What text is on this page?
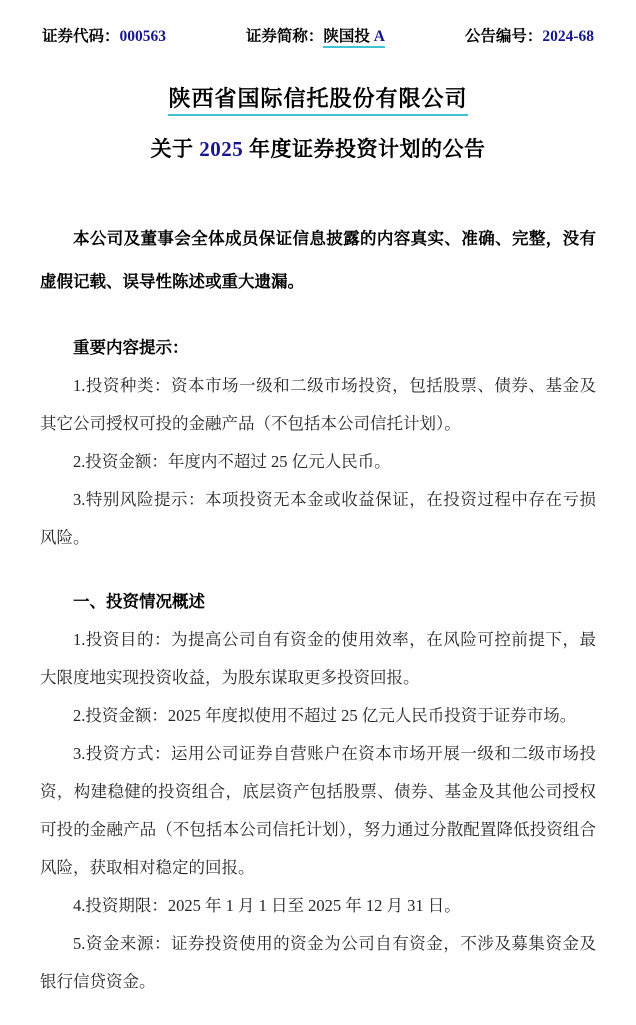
证券代码：000563	证券简称：陕国投 A	公告编号：2024-68
陕西省国际信托股份有限公司
关于 2025 年度证券投资计划的公告

本公司及董事会全体成员保证信息披露的内容真实、准确、完整，没有虚假记载、误导性陈述或重大遗漏。

重要内容提示：

1.投资种类：资本市场一级和二级市场投资，包括股票、债券、基金及其它公司授权可投的金融产品（不包括本公司信托计划）。

2.投资金额：年度内不超过 25 亿元人民币。

3.特别风险提示：本项投资无本金或收益保证，在投资过程中存在亏损风险。

一、投资情况概述

1.投资目的：为提高公司自有资金的使用效率，在风险可控前提下，最大限度地实现投资收益，为股东谋取更多投资回报。

2.投资金额：2025 年度拟使用不超过 25 亿元人民币投资于证券市场。

3.投资方式：运用公司证券自营账户在资本市场开展一级和二级市场投资，构建稳健的投资组合，底层资产包括股票、债券、基金及其他公司授权可投的金融产品（不包括本公司信托计划），努力通过分散配置降低投资组合风险，获取相对稳定的回报。

4.投资期限：2025 年 1 月 1 日至 2025 年 12 月 31 日。

5.资金来源：证券投资使用的资金为公司自有资金，不涉及募集资金及银行信贷资金。
